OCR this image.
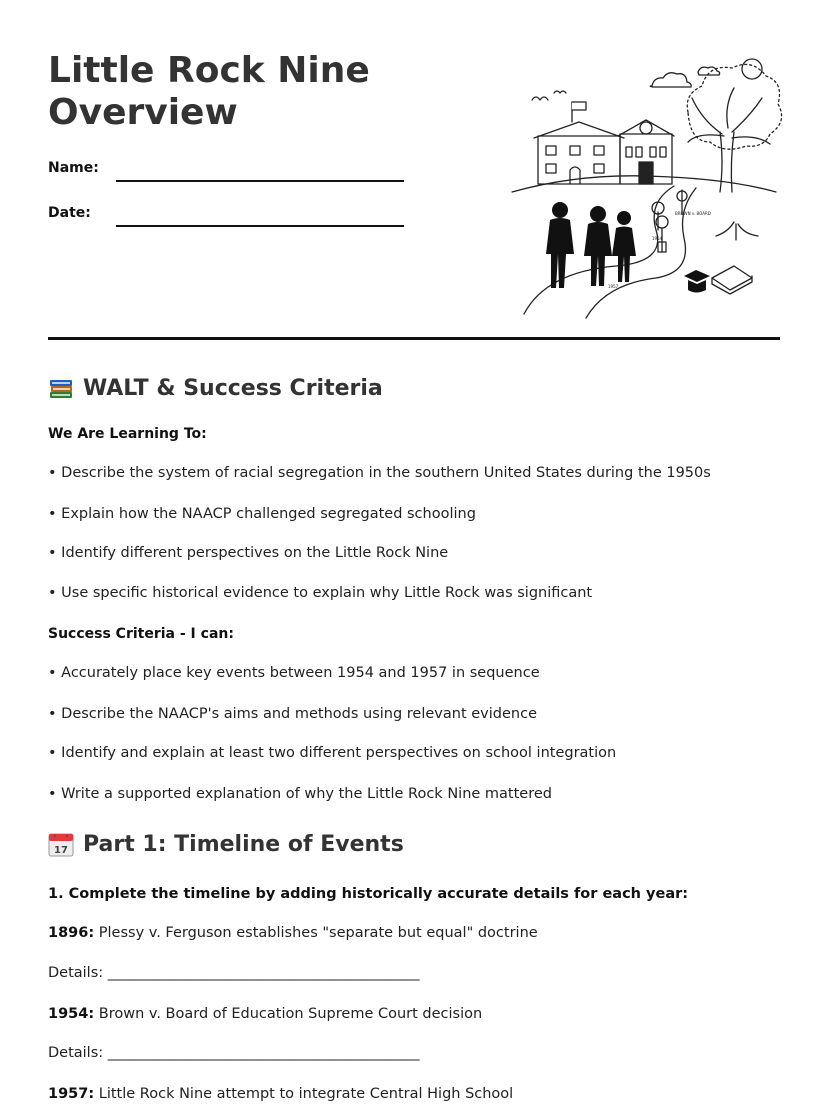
Little Rock Nine Overview
Name:
Date:	BROWN v. BOARD
1954
1957
WALT & Success Criteria
We Are Learning To:
• Describe the system of racial segregation in the southern United States during the 1950s
• Explain how the NAACP challenged segregated schooling
• Identify different perspectives on the Little Rock Nine
• Use specific historical evidence to explain why Little Rock was significant
Success Criteria - I can:
• Accurately place key events between 1954 and 1957 in sequence
• Describe the NAACP's aims and methods using relevant evidence
• Identify and explain at least two different perspectives on school integration
• Write a supported explanation of why the Little Rock Nine mattered
17 Part 1: Timeline of Events
1. Complete the timeline by adding historically accurate details for each year:
1896: Plessy v. Ferguson establishes "separate but equal" doctrine
Details: ___________________________________________
1954: Brown v. Board of Education Supreme Court decision
Details: ___________________________________________
1957: Little Rock Nine attempt to integrate Central High School
